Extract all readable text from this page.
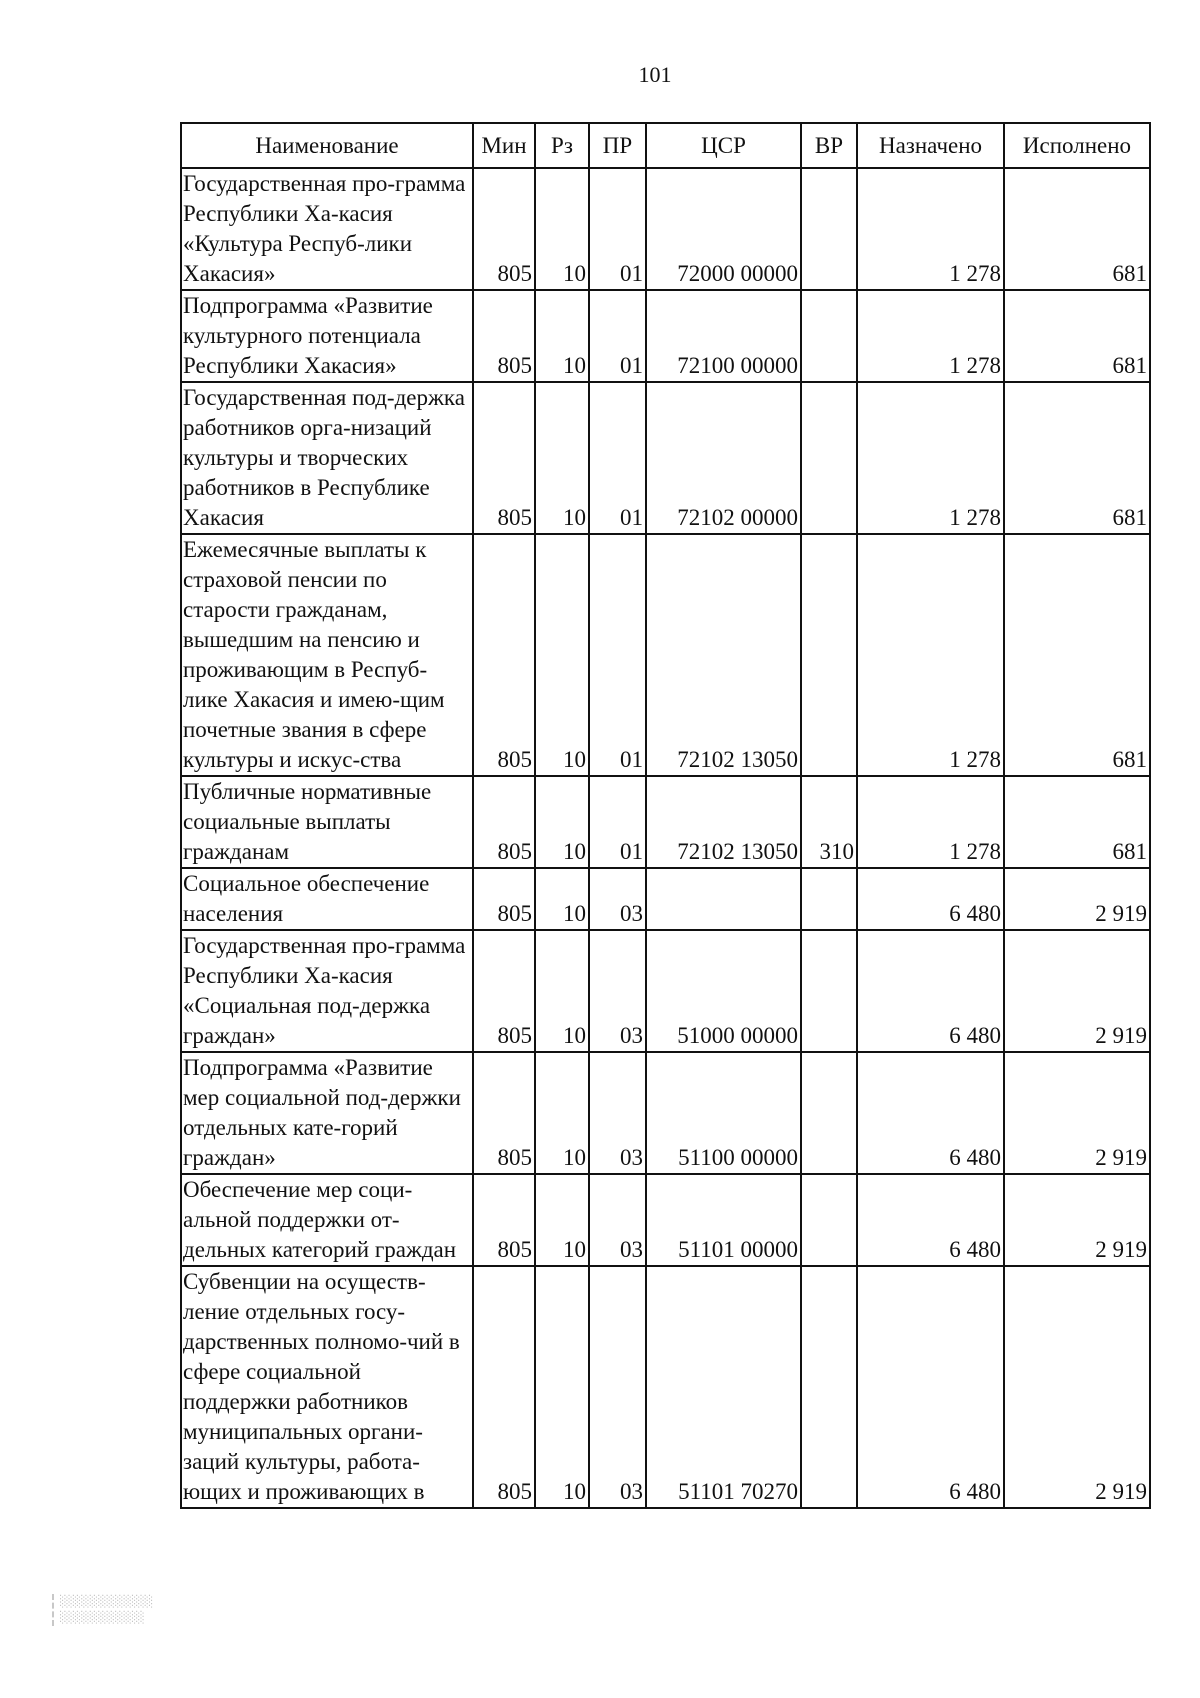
101
Наименование	Мин	Рз	ПР	ЦСР	ВР	Назначено	Исполнено
Государственная про-грамма Республики Ха-касия «Культура Респуб-лики Хакасия»	805	10	01	72000 00000		1 278	681
Подпрограмма «Развитие культурного потенциала Республики Хакасия»	805	10	01	72100 00000		1 278	681
Государственная под-держка работников орга-низаций культуры и творческих работников в Республике Хакасия	805	10	01	72102 00000		1 278	681
Ежемесячные выплаты к страховой пенсии по старости гражданам, вышедшим на пенсию и проживающим в Респуб-лике Хакасия и имею-щим почетные звания в сфере культуры и искус-ства	805	10	01	72102 13050		1 278	681
Публичные нормативные социальные выплаты гражданам	805	10	01	72102 13050	310	1 278	681
Социальное обеспечение населения	805	10	03			6 480	2 919
Государственная про-грамма Республики Ха-касия «Социальная под-держка граждан»	805	10	03	51000 00000		6 480	2 919
Подпрограмма «Развитие мер социальной под-держки отдельных кате-горий граждан»	805	10	03	51100 00000		6 480	2 919
Обеспечение мер соци-альной поддержки от-дельных категорий граждан	805	10	03	51101 00000		6 480	2 919
Субвенции на осуществ-ление отдельных госу-дарственных полномо-чий в сфере социальной поддержки работников муниципальных органи-заций культуры, работа-ющих и проживающих в	805	10	03	51101 70270		6 480	2 919
░░░░░░░░░░░
░░░░░░░░░░
